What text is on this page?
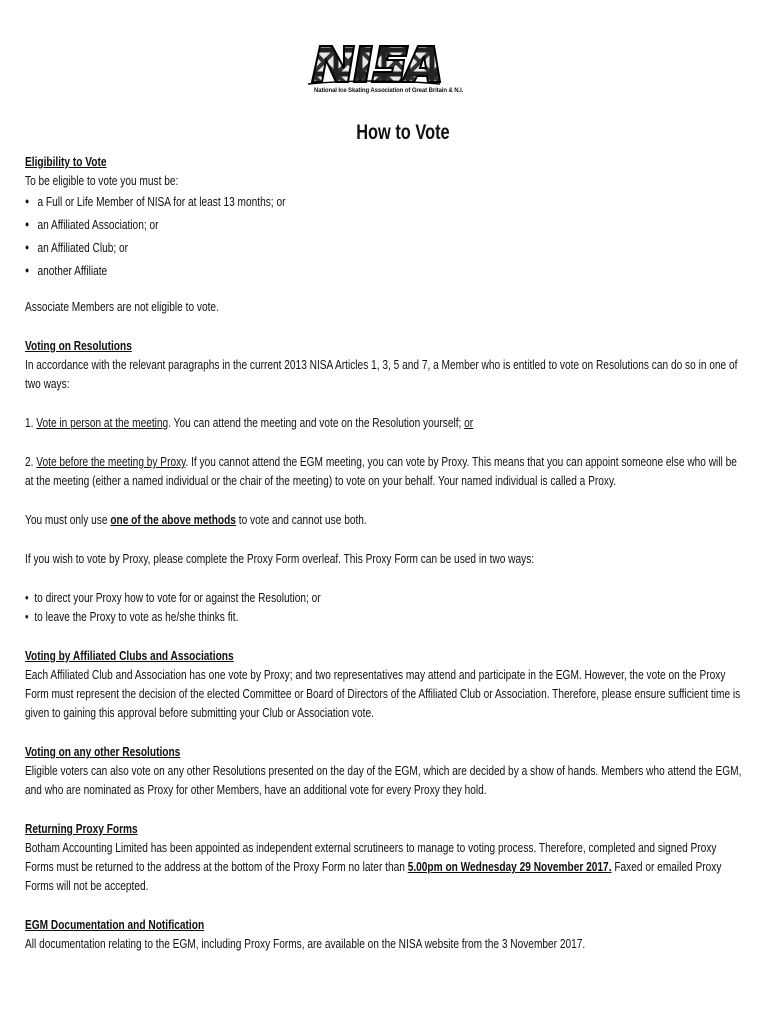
National Ice Skating Association of Great Britain & N.I.
How to Vote

Eligibility to Vote

To be eligible to vote you must be:

● a Full or Life Member of NISA for at least 13 months; or
● an Affiliated Association; or
● an Affiliated Club; or
● another Affiliate

Associate Members are not eligible to vote.

Voting on Resolutions

In accordance with the relevant paragraphs in the current 2013 NISA Articles 1, 3, 5 and 7, a Member who is entitled to vote on Resolutions can do so in one of two ways:

1. Vote in person at the meeting. You can attend the meeting and vote on the Resolution yourself; or

2. Vote before the meeting by Proxy. If you cannot attend the EGM meeting, you can vote by Proxy. This means that you can appoint someone else who will be at the meeting (either a named individual or the chair of the meeting) to vote on your behalf. Your named individual is called a Proxy.

You must only use one of the above methods to vote and cannot use both.

If you wish to vote by Proxy, please complete the Proxy Form overleaf. This Proxy Form can be used in two ways:

• to direct your Proxy how to vote for or against the Resolution; or
• to leave the Proxy to vote as he/she thinks fit.

Voting by Affiliated Clubs and Associations

Each Affiliated Club and Association has one vote by Proxy; and two representatives may attend and participate in the EGM. However, the vote on the Proxy Form must represent the decision of the elected Committee or Board of Directors of the Affiliated Club or Association. Therefore, please ensure sufficient time is given to gaining this approval before submitting your Club or Association vote.

Voting on any other Resolutions

Eligible voters can also vote on any other Resolutions presented on the day of the EGM, which are decided by a show of hands. Members who attend the EGM, and who are nominated as Proxy for other Members, have an additional vote for every Proxy they hold.

Returning Proxy Forms

Botham Accounting Limited has been appointed as independent external scrutineers to manage to voting process. Therefore, completed and signed Proxy Forms must be returned to the address at the bottom of the Proxy Form no later than 5.00pm on Wednesday 29 November 2017. Faxed or emailed Proxy Forms will not be accepted.

EGM Documentation and Notification

All documentation relating to the EGM, including Proxy Forms, are available on the NISA website from the 3 November 2017.
